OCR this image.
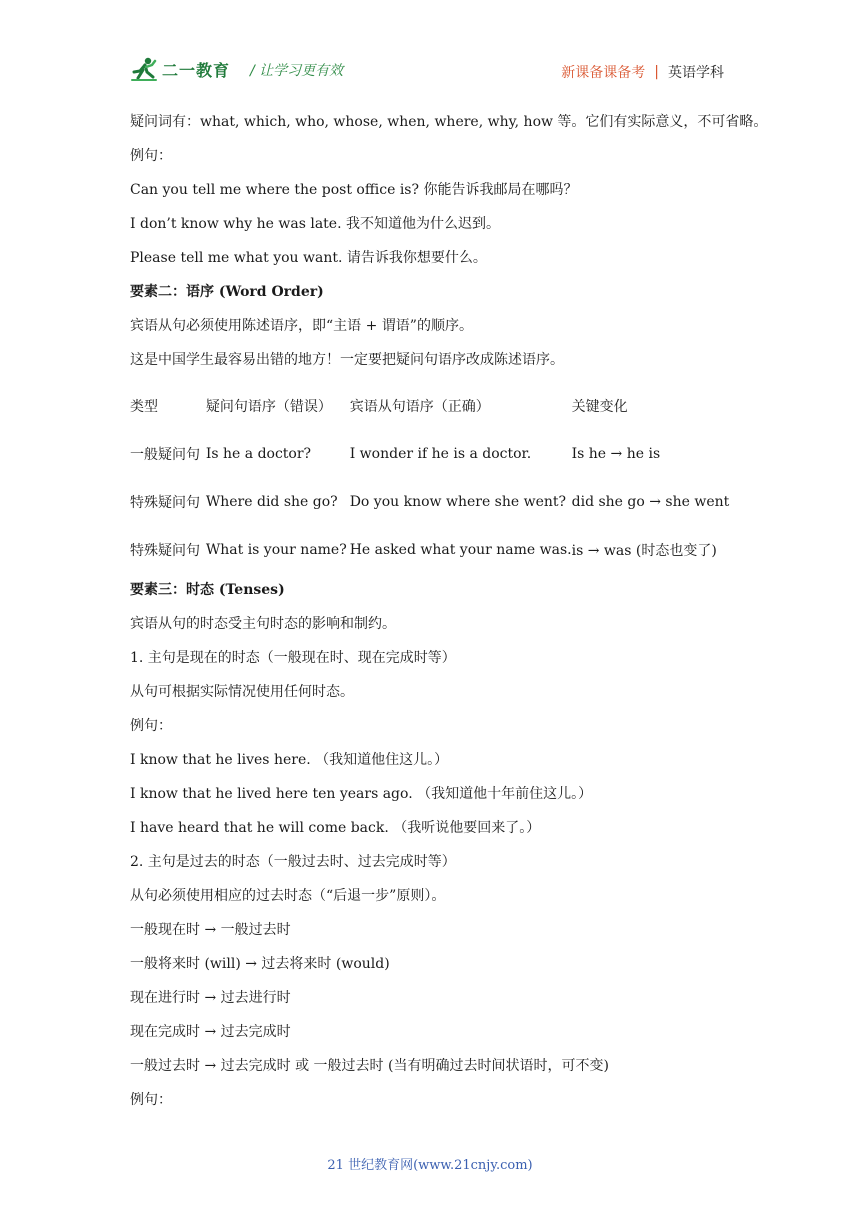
二一教育 / 让学习更有效	新课备课备考 | 英语学科
疑问词有：what, which, who, whose, when, where, why, how 等。它们有实际意义，不可省略。
例句：
Can you tell me where the post office is? 你能告诉我邮局在哪吗？
I don’t know why he was late. 我不知道他为什么迟到。
Please tell me what you want. 请告诉我你想要什么。
要素二：语序 (Word Order)
宾语从句必须使用陈述语序，即“主语 + 谓语”的顺序。
这是中国学生最容易出错的地方！一定要把疑问句语序改成陈述语序。
类型	疑问句语序（错误）	宾语从句语序（正确）	关键变化
一般疑问句	Is he a doctor?	I wonder if he is a doctor.	Is he → he is
特殊疑问句	Where did she go?	Do you know where she went?	did she go → she went
特殊疑问句	What is your name?	He asked what your name was.	is → was (时态也变了)
要素三：时态 (Tenses)
宾语从句的时态受主句时态的影响和制约。
1. 主句是现在的时态（一般现在时、现在完成时等）
从句可根据实际情况使用任何时态。
例句：
I know that he lives here. （我知道他住这儿。）
I know that he lived here ten years ago. （我知道他十年前住这儿。）
I have heard that he will come back. （我听说他要回来了。）
2. 主句是过去的时态（一般过去时、过去完成时等）
从句必须使用相应的过去时态（“后退一步”原则）。
一般现在时 → 一般过去时
一般将来时 (will) → 过去将来时 (would)
现在进行时 → 过去进行时
现在完成时 → 过去完成时
一般过去时 → 过去完成时 或 一般过去时 (当有明确过去时间状语时，可不变)
例句：
21 世纪教育网(www.21cnjy.com)
